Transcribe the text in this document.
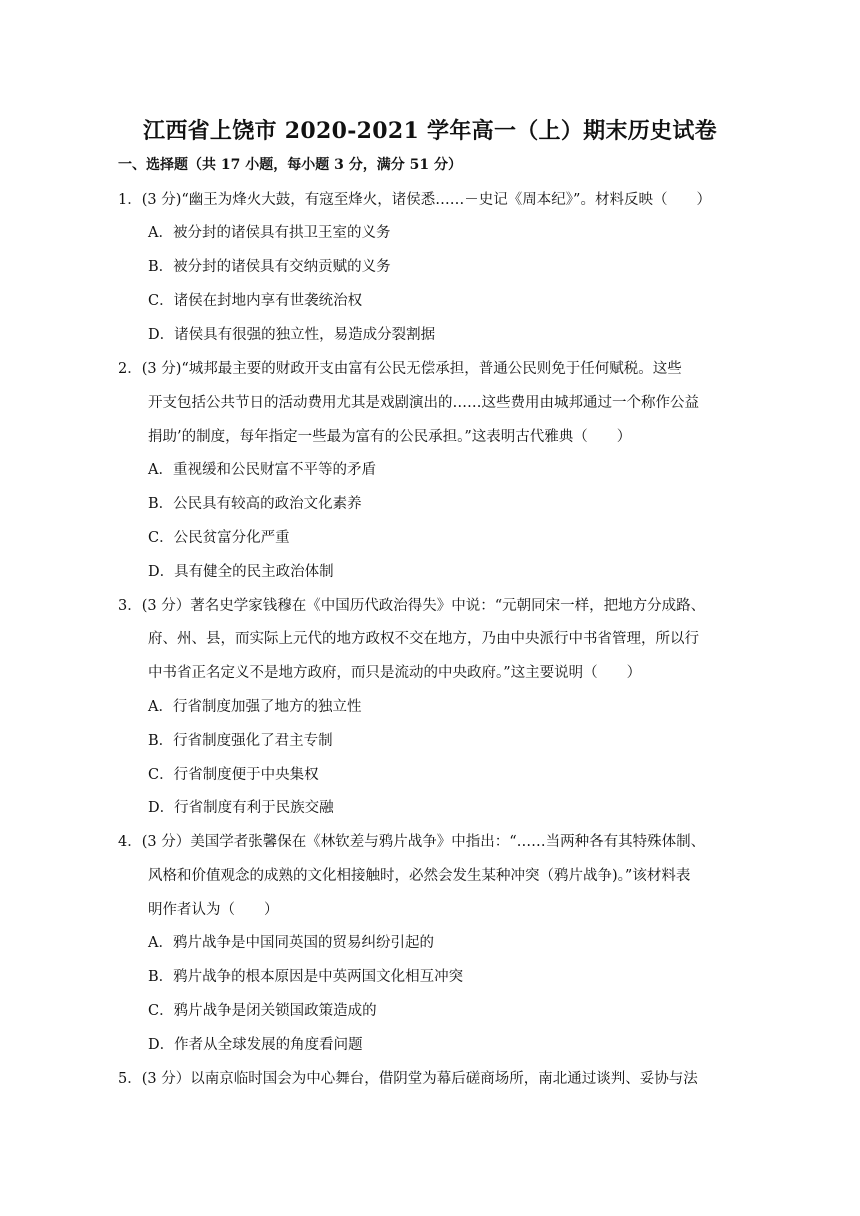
江西省上饶市 2020-2021 学年高一（上）期末历史试卷
一、选择题（共 17 小题，每小题 3 分，满分 51 分）
1．(3 分)“幽王为烽火大鼓，有寇至烽火，诸侯悉……－史记《周本纪》”。材料反映（　　）
A．被分封的诸侯具有拱卫王室的义务
B．被分封的诸侯具有交纳贡赋的义务
C．诸侯在封地内享有世袭统治权
D．诸侯具有很强的独立性，易造成分裂割据
2．(3 分)“城邦最主要的财政开支由富有公民无偿承担，普通公民则免于任何赋税。这些
开支包括公共节日的活动费用尤其是戏剧演出的……这些费用由城邦通过一个称作公益
捐助’的制度，每年指定一些最为富有的公民承担。”这表明古代雅典（　　）
A．重视缓和公民财富不平等的矛盾
B．公民具有较高的政治文化素养
C．公民贫富分化严重
D．具有健全的民主政治体制
3．(3 分）著名史学家钱穆在《中国历代政治得失》中说：“元朝同宋一样，把地方分成路、
府、州、县，而实际上元代的地方政权不交在地方，乃由中央派行中书省管理，所以行
中书省正名定义不是地方政府，而只是流动的中央政府。”这主要说明（　　）
A．行省制度加强了地方的独立性
B．行省制度强化了君主专制
C．行省制度便于中央集权
D．行省制度有利于民族交融
4．(3 分）美国学者张馨保在《林钦差与鸦片战争》中指出：“……当两种各有其特殊体制、
风格和价值观念的成熟的文化相接触时，必然会发生某种冲突（鸦片战争)。”该材料表
明作者认为（　　）
A．鸦片战争是中国同英国的贸易纠纷引起的
B．鸦片战争的根本原因是中英两国文化相互冲突
C．鸦片战争是闭关锁国政策造成的
D．作者从全球发展的角度看问题
5．(3 分）以南京临时国会为中心舞台，借阴堂为幕后磋商场所，南北通过谈判、妥协与法
